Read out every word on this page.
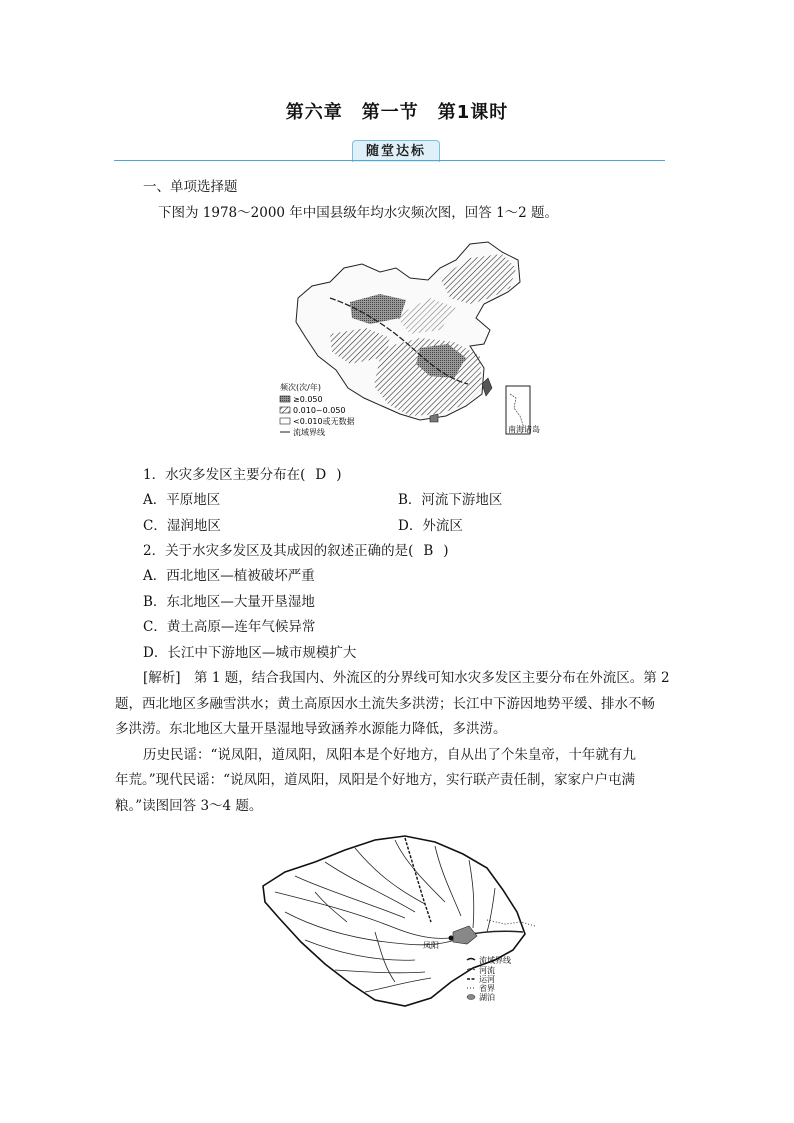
第六章　第一节　第1课时
随堂达标
一、单项选择题
下图为 1978～2000 年中国县级年均水灾频次图，回答 1～2 题。
南海诸岛
频次(次/年)
≥0.050
0.010~0.050
<0.010或无数据
流域界线
1．水灾多发区主要分布在( D )
A．平原地区	B．河流下游地区
C．湿润地区	D．外流区
2．关于水灾多发区及其成因的叙述正确的是( B )
A．西北地区—植被破坏严重
B．东北地区—大量开垦湿地
C．黄土高原—连年气候异常
D．长江中下游地区—城市规模扩大
[解析]　 第 1 题，结合我国内、外流区的分界线可知水灾多发区主要分布在外流区。第 2
题，西北地区多融雪洪水；黄土高原因水土流失多洪涝；长江中下游因地势平缓、排水不畅
多洪涝。东北地区大量开垦湿地导致涵养水源能力降低，多洪涝。
历史民谣：“说凤阳，道凤阳，凤阳本是个好地方，自从出了个朱皇帝，十年就有九
年荒。”现代民谣：“说凤阳，道凤阳，凤阳是个好地方，实行联产责任制，家家户户屯满
粮。”读图回答 3～4 题。
凤阳
流域界线
河流
运河
省界
湖泊
